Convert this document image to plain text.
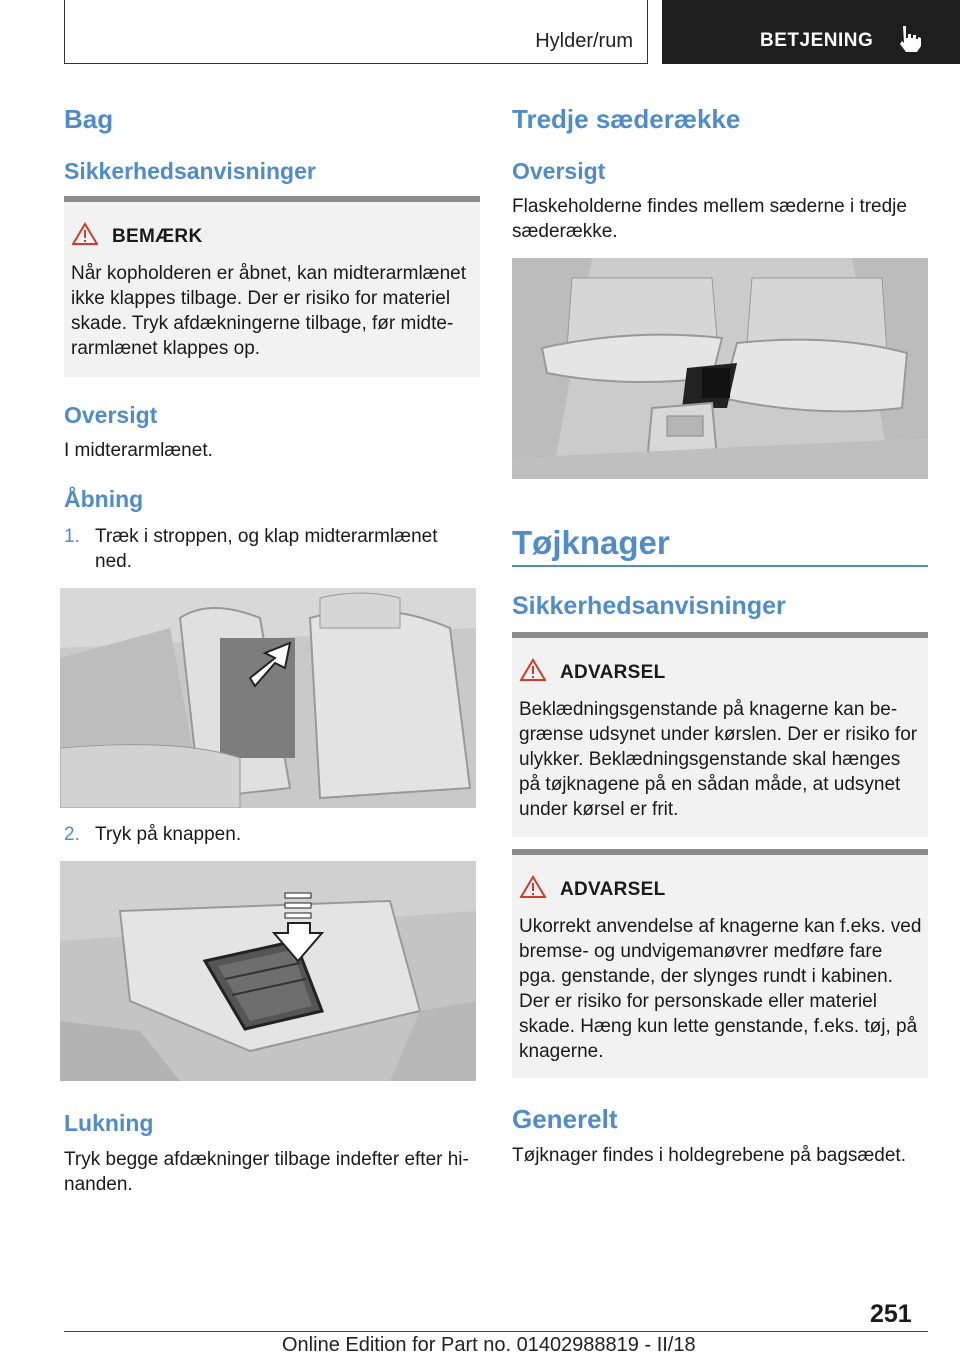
Hylder/rum	BETJENING
Bag
Sikkerhedsanvisninger
BEMÆRK
Når kopholderen er åbnet, kan midterarmlænet
ikke klappes tilbage. Der er risiko for materiel
skade. Tryk afdækningerne tilbage, før midte-
rarmlænet klappes op.
Oversigt
I midterarmlænet.
Åbning
1. Træk i stroppen, og klap midterarmlænet
ned.
2. Tryk på knappen.
Lukning
Tryk begge afdækninger tilbage indefter efter hi-
nanden.
Tredje sæderække
Oversigt
Flaskeholderne findes mellem sæderne i tredje
sæderække.
Tøjknager
Sikkerhedsanvisninger
ADVARSEL
Beklædningsgenstande på knagerne kan be-
grænse udsynet under kørslen. Der er risiko for
ulykker. Beklædningsgenstande skal hænges
på tøjknagene på en sådan måde, at udsynet
under kørsel er frit.
ADVARSEL
Ukorrekt anvendelse af knagerne kan f.eks. ved
bremse- og undvigemanøvrer medføre fare
pga. genstande, der slynges rundt i kabinen.
Der er risiko for personskade eller materiel
skade. Hæng kun lette genstande, f.eks. tøj, på
knagerne.
Generelt
Tøjknager findes i holdegrebene på bagsædet.
251
Online Edition for Part no. 01402988819 - II/18
